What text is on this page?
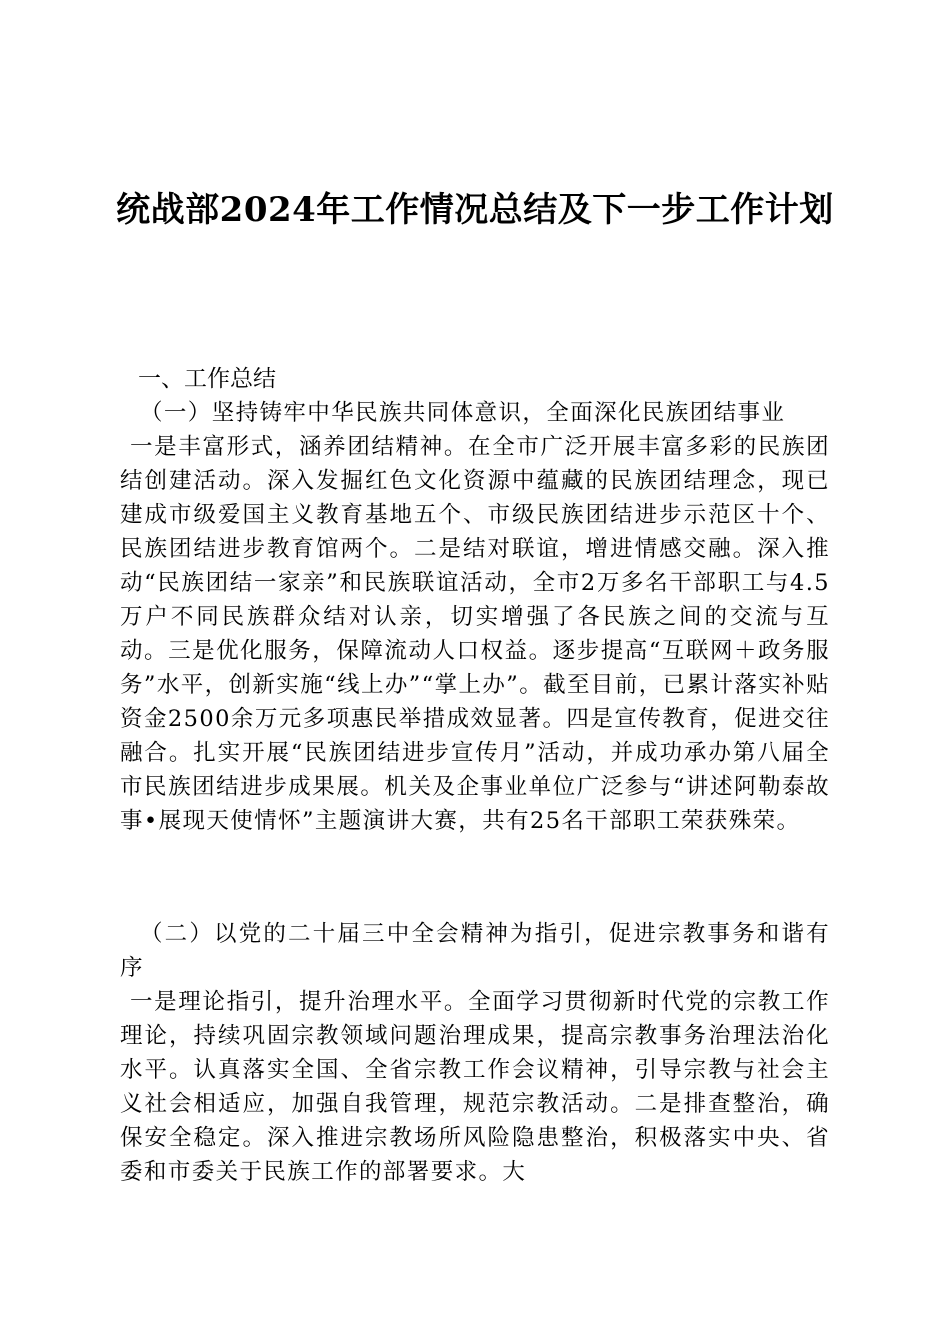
统战部2024年工作情况总结及下一步工作计划
一、工作总结
（一）坚持铸牢中华民族共同体意识，全面深化民族团结事业
一是丰富形式，涵养团结精神。在全市广泛开展丰富多彩的民族团结创建活动。深入发掘红色文化资源中蕴藏的民族团结理念，现已建成市级爱国主义教育基地五个、市级民族团结进步示范区十个、民族团结进步教育馆两个。二是结对联谊，增进情感交融。深入推动“民族团结一家亲”和民族联谊活动，全市2万多名干部职工与4.5万户不同民族群众结对认亲，切实增强了各民族之间的交流与互动。三是优化服务，保障流动人口权益。逐步提高“互联网＋政务服务”水平，创新实施“线上办”“掌上办”。截至目前，已累计落实补贴资金2500余万元多项惠民举措成效显著。四是宣传教育，促进交往融合。扎实开展“民族团结进步宣传月”活动，并成功承办第八届全市民族团结进步成果展。机关及企事业单位广泛参与“讲述阿勒泰故事•展现天使情怀”主题演讲大赛，共有25名干部职工荣获殊荣。
（二）以党的二十届三中全会精神为指引，促进宗教事务和谐有序
一是理论指引，提升治理水平。全面学习贯彻新时代党的宗教工作理论，持续巩固宗教领域问题治理成果，提高宗教事务治理法治化水平。认真落实全国、全省宗教工作会议精神，引导宗教与社会主义社会相适应，加强自我管理，规范宗教活动。二是排查整治，确保安全稳定。深入推进宗教场所风险隐患整治，积极落实中央、省委和市委关于民族工作的部署要求。大
